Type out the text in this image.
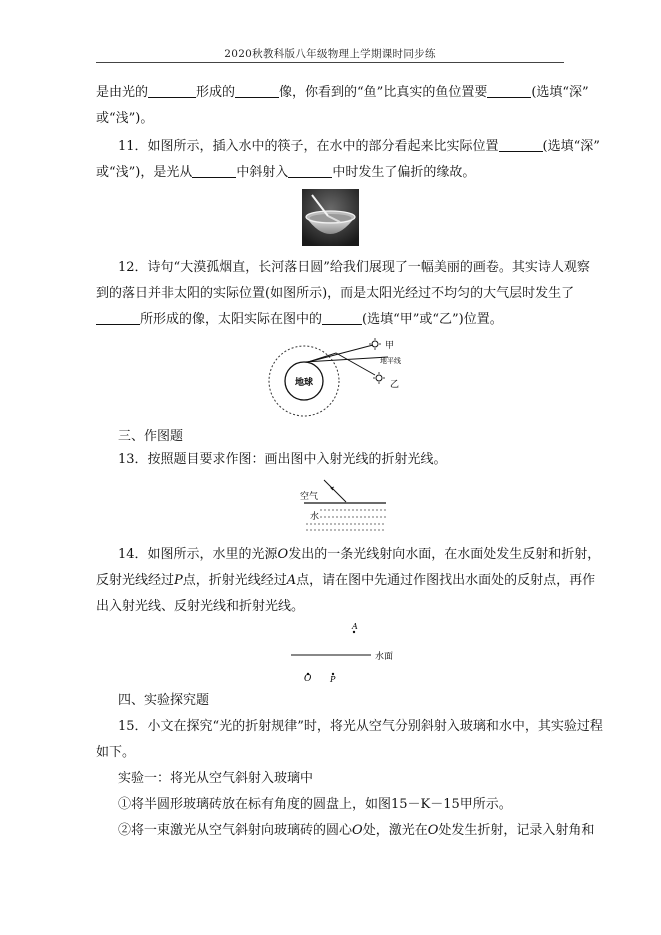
2020秋教科版八年级物理上学期课时同步练
是由光的	形成的	像，你看到的“鱼”比真实的鱼位置要	(选填“深”
或“浅”)。
11．如图所示，插入水中的筷子，在水中的部分看起来比实际位置	(选填“深”
或“浅”)，是光从	中斜射入	中时发生了偏折的缘故。
12．诗句“大漠孤烟直，长河落日圆”给我们展现了一幅美丽的画卷。其实诗人观察
到的落日并非太阳的实际位置(如图所示)，而是太阳光经过不均匀的大气层时发生了
所形成的像，太阳实际在图中的	(选填“甲”或“乙”)位置。
地球
甲
地平线
乙
三、作图题
13．按照题目要求作图：画出图中入射光线的折射光线。
空气
水
14．如图所示，水里的光源O发出的一条光线射向水面，在水面处发生反射和折射，
反射光线经过P点，折射光线经过A点，请在图中先通过作图找出水面处的反射点，再作
出入射光线、反射光线和折射光线。
A
水面
O P
四、实验探究题
15．小文在探究“光的折射规律”时，将光从空气分别斜射入玻璃和水中，其实验过程
如下。
实验一：将光从空气斜射入玻璃中
①将半圆形玻璃砖放在标有角度的圆盘上，如图15－K－15甲所示。
②将一束激光从空气斜射向玻璃砖的圆心O处，激光在O处发生折射，记录入射角和
